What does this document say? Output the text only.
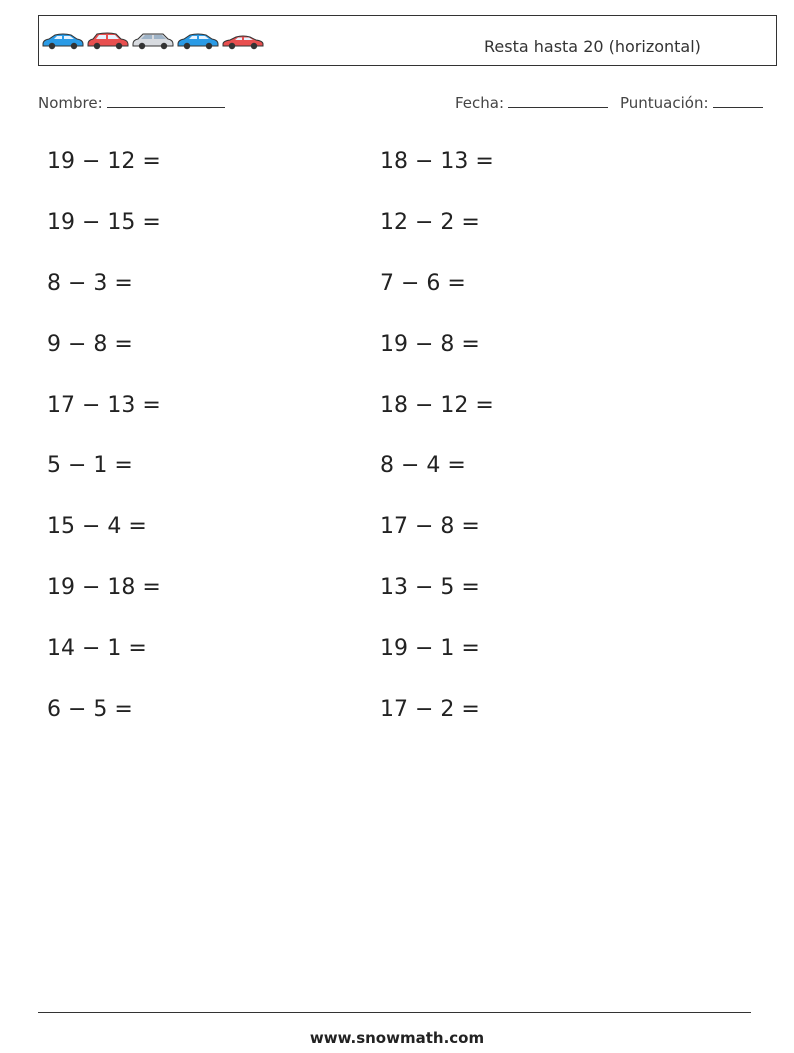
Resta hasta 20 (horizontal)
Nombre:	Fecha:	Puntuación:
19 − 12 =
19 − 15 =
8 − 3 =
9 − 8 =
17 − 13 =
5 − 1 =
15 − 4 =
19 − 18 =
14 − 1 =
6 − 5 =
18 − 13 =
12 − 2 =
7 − 6 =
19 − 8 =
18 − 12 =
8 − 4 =
17 − 8 =
13 − 5 =
19 − 1 =
17 − 2 =
www.snowmath.com
